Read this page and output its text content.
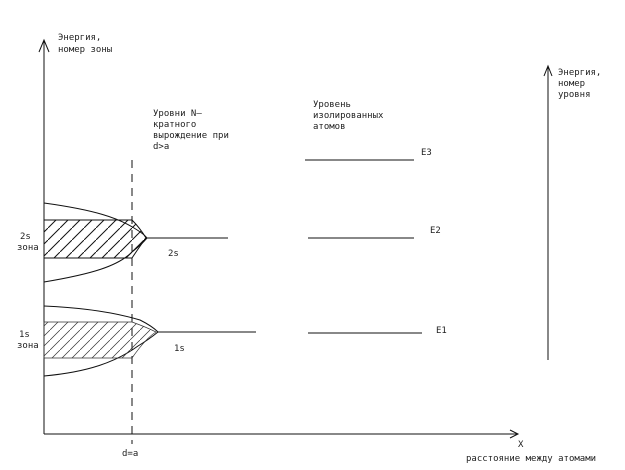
Энергия,
номер зоны
X
расстояние между атомами
Энергия,
номер
уровня
d=a
Уровни N–
кратного
вырождение при
d>a
Уровень
изолированных
атомов
2s
зона
2s
1s
зона	1s
E3
E2
E1
